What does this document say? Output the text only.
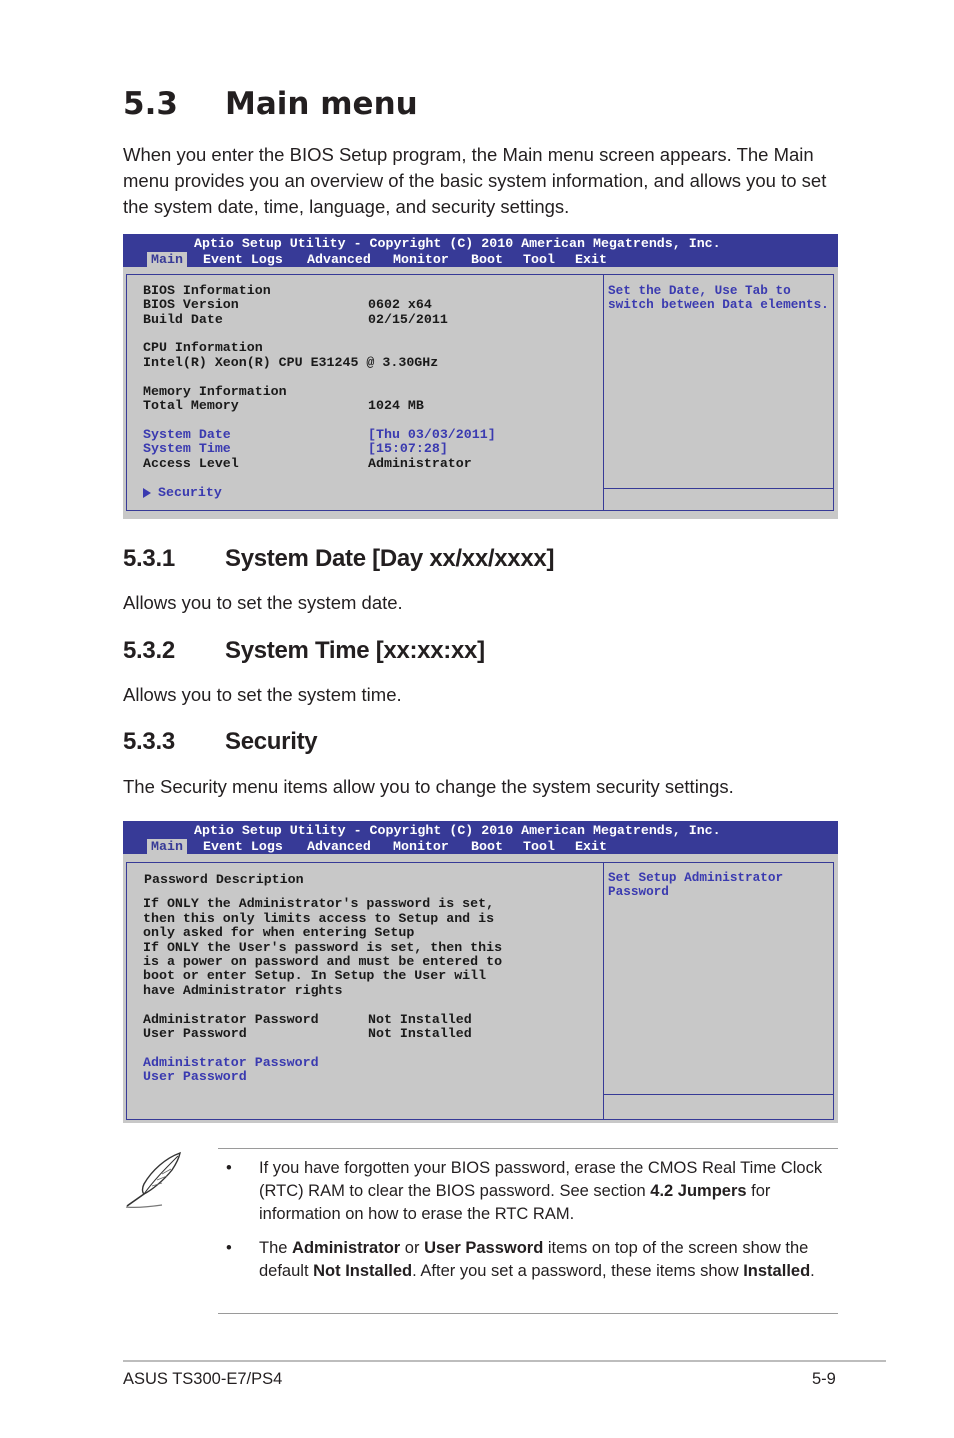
5.3 Main menu

When you enter the BIOS Setup program, the Main menu screen appears. The Main menu provides you an overview of the basic system information, and allows you to set the system date, time, language, and security settings.

Aptio Setup Utility - Copyright (C) 2010 American Megatrends, Inc.
Main	Event Logs Advanced Monitor Boot Tool Exit
BIOS Information
BIOS Version	0602 x64
Build Date	02/15/2011
CPU Information
Intel(R) Xeon(R) CPU E31245 @ 3.30GHz
Memory Information
Total Memory	1024 MB
System Date	[Thu 03/03/2011]
System Time	[15:07:28]
Access Level	Administrator
Security
Set the Date, Use Tab to
switch between Data elements.
5.3.1 System Date [Day xx/xx/xxxx]

Allows you to set the system date.

5.3.2 System Time [xx:xx:xx]

Allows you to set the system time.

5.3.3 Security

The Security menu items allow you to change the system security settings.

Aptio Setup Utility - Copyright (C) 2010 American Megatrends, Inc.
Main	Event Logs Advanced Monitor Boot Tool Exit
Password Description
If ONLY the Administrator's password is set,
then this only limits access to Setup and is
only asked for when entering Setup
If ONLY the User's password is set, then this
is a power on password and must be entered to
boot or enter Setup. In Setup the User will
have Administrator rights
Administrator Password	Not Installed
User Password	Not Installed
Administrator Password
User Password
Set Setup Administrator
Password
• If you have forgotten your BIOS password, erase the CMOS Real Time Clock (RTC) RAM to clear the BIOS password. See section 4.2 Jumpers for information on how to erase the RTC RAM.

• The Administrator or User Password items on top of the screen show the default Not Installed. After you set a password, these items show Installed.

ASUS TS300-E7/PS4	5-9
